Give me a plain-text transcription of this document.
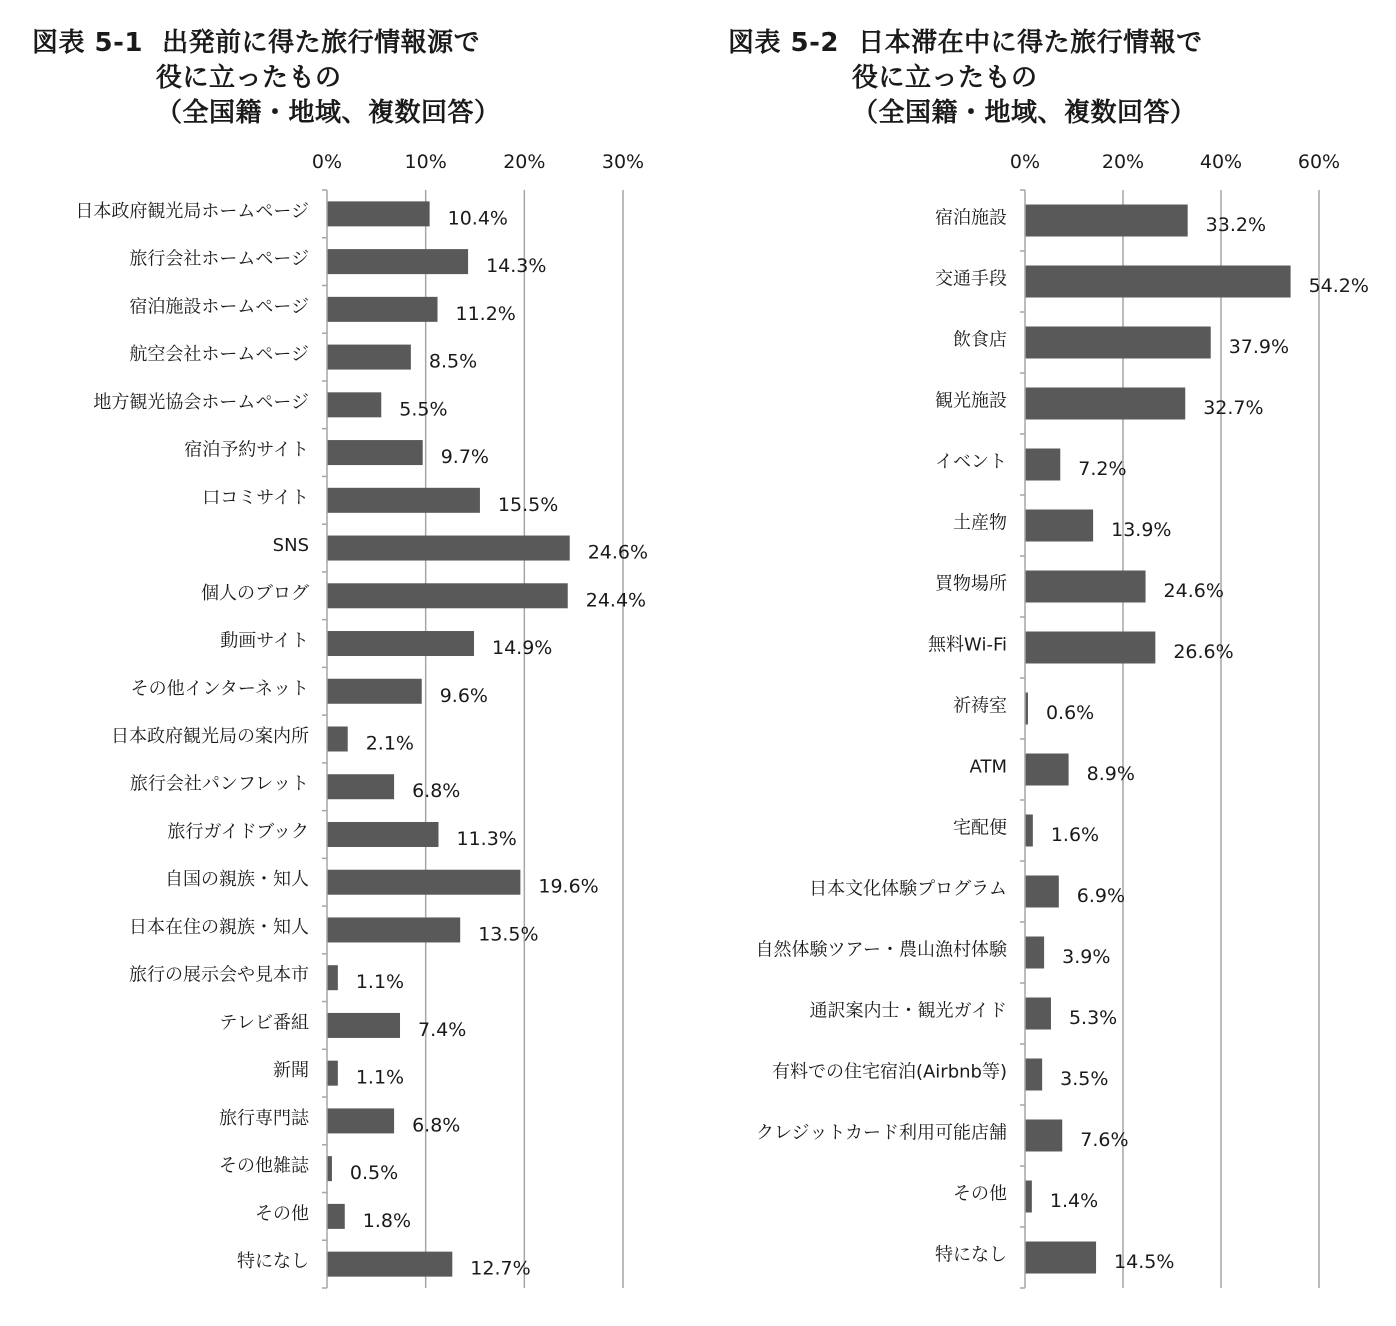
図表 5-1 出発前に得た旅行情報源で
役に立ったもの
（全国籍・地域、複数回答）
図表 5-2 日本滞在中に得た旅行情報で
役に立ったもの
（全国籍・地域、複数回答）
0%	10%	20%	30%
日本政府観光局ホームページ	10.4%
旅行会社ホームページ	14.3%
宿泊施設ホームページ	11.2%
航空会社ホームページ	8.5%
地方観光協会ホームページ	5.5%
宿泊予約サイト	9.7%
口コミサイト	15.5%
SNS	24.6%
個人のブログ	24.4%
動画サイト	14.9%
その他インターネット	9.6%
日本政府観光局の案内所	2.1%
旅行会社パンフレット	6.8%
旅行ガイドブック	11.3%
自国の親族・知人	19.6%
日本在住の親族・知人	13.5%
旅行の展示会や見本市 1.1%
テレビ番組	7.4%
新聞 1.1%
旅行専門誌	6.8%
その他雑誌 0.5%
その他	1.8%
特になし	12.7%
0%	20%	40%	60%
宿泊施設	33.2%
交通手段	54.2%
飲食店	37.9%
観光施設	32.7%
イベント	7.2%
土産物	13.9%
買物場所	24.6%
無料Wi-Fi	26.6%
祈祷室 0.6%
ATM	8.9%
宅配便 1.6%
日本文化体験プログラム	6.9%
自然体験ツアー・農山漁村体験	3.9%
通訳案内士・観光ガイド	5.3%
有料での住宅宿泊(Airbnb等)	3.5%
クレジットカード利用可能店舗	7.6%
その他 1.4%
特になし	14.5%
